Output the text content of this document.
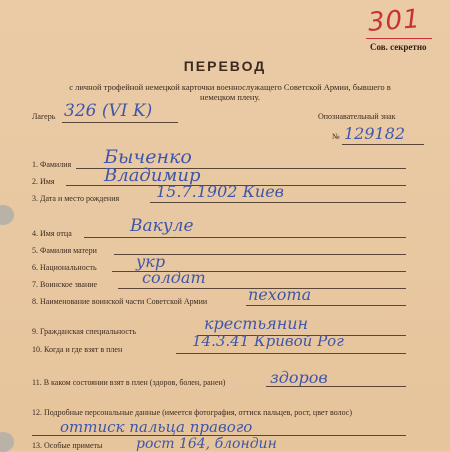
301
Сов. секретно
ПЕРЕВОД
с личной трофейной немецкой карточки военнослужащего Советской Армии, бывшего в немецком плену.
Лагерь 326 (VI K)	Опознавательный знак
№ 129182
1. Фамилия Быченко
2. Имя	Владимир
3. Дата и место рождения 15.7.1902 Киев
4. Имя отца	Вакуле
5. Фамилия матери
6. Национальность укр
7. Воинское звание	солдат
8. Наименование воинской части Советской Армии	пехота
9. Гражданская специальность	крестьянин
10. Когда и где взят в плен	14.3.41 Кривой Рог
11. В каком состоянии взят в плен (здоров, болен, ранен)	здоров
12. Подробные персональные данные (имеется фотография, оттиск пальцев, рост, цвет волос)
оттиск пальца правого
13. Особые приметы рост 164, блондин
